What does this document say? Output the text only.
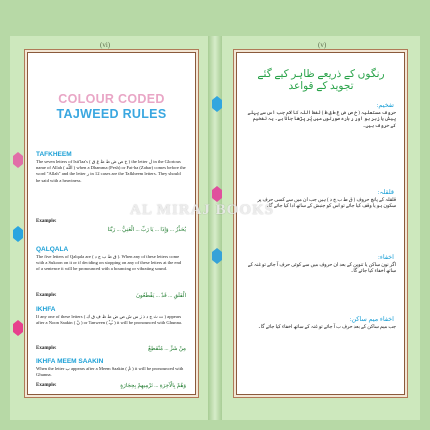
(vi)	(v)
COLOUR CODED
TAJWEED RULES
TAFKHEEM
The seven letters of Isti'laa's ( خ ص ض ط ظ غ ق ) the letter ل in the Glorious name of Allah ( اللّٰه ) when a Dhamma (Pesh) or Fat-ha (Zabar) comes before the word "Allah" and the letter ر in 12 cases are the Tafkheem letters. They should be said with a heaviness.
Example:
يُحَذِّرُ ... وَإِذَا ... يَا رَبِّ ... الْغَنِيُّ ... رَبَّنَا
QALQALA
The five letters of Qalqala are ( ق ط ب ج د ). When any of these letters come with a Sukoon on it or if deciding on stopping on any of these letters at the end of a sentence it will be pronounced with a bouncing or vibrating sound.
Example:	الْفَلَقِ ... قَدْ ... يَقْطَعُونَ
IKHFA
If any one of these letters ( ت ث ج د ذ ز س ش ص ض ط ظ ف ق ك ) appears after a Noon Saakin ( نْ ) or Tanween ( ـًـٍـٌ ) it will be pronounced with Ghunna.
Example:	مِنْ شَرِّ ... مُنْقَطِعٌ
IKHFA MEEM SAAKIN
When the letter ب appears after a Meem Saakin ( مْ ) it will be pronounced with Ghunna.
Example:	وَهُمْ بِالْآخِرَةِ ... تَرْمِيهِمْ بِحِجَارَةٍ
رنگوں کے ذریعے ظاہر کیے گئے تجوید کے قواعد
تفخیم:
حروف مستعلیہ ( خ ص ض غ ط ق ظ ) لفظ اللہ کا لام جب اس سے پہلے پیش یا زبر ہو اور ر بارہ صورتوں میں پُر پڑھا جاتا ہے۔ یہ تفخیم کے حروف ہیں۔
قلقلہ:
قلقلہ کے پانچ حروف ( ق ط ب ج د ) ہیں جب ان میں سے کسی حرف پر سکون ہو یا وقف کیا جائے تو اس کو جنبش کے ساتھ ادا کیا جائے گا۔
اخفاء:
اگر نون ساکن یا تنوین کے بعد ان حروف میں سے کوئی حرف آ جائے تو غنہ کے ساتھ اخفاء کیا جائے گا۔
اخفاء میم ساکن:
جب میم ساکن کے بعد حرف ب آ جائے تو غنہ کے ساتھ اخفاء کیا جائے گا۔
AL MIRAJ BOOKS
